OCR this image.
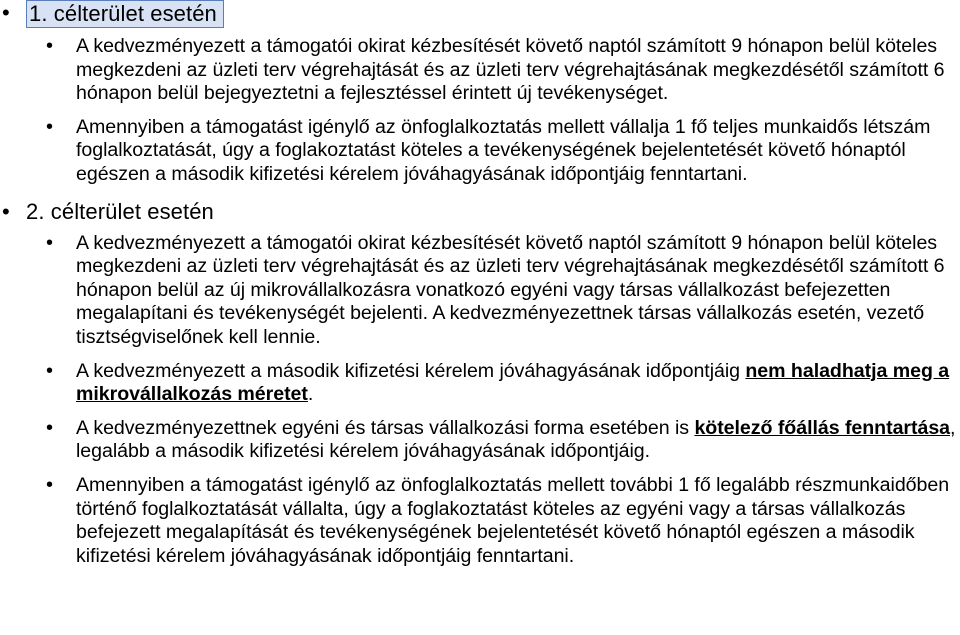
• 1. célterület esetén
• A kedvezményezett a támogatói okirat kézbesítését követő naptól számított 9 hónapon belül köteles megkezdeni az üzleti terv végrehajtását és az üzleti terv végrehajtásának megkezdésétől számított 6 hónapon belül bejegyeztetni a fejlesztéssel érintett új tevékenységet.
• Amennyiben a támogatást igénylő az önfoglalkoztatás mellett vállalja 1 fő teljes munkaidős létszám foglalkoztatását, úgy a foglakoztatást köteles a tevékenységének bejelentetését követő hónaptól egészen a második kifizetési kérelem jóváhagyásának időpontjáig fenntartani.
• 2. célterület esetén
• A kedvezményezett a támogatói okirat kézbesítését követő naptól számított 9 hónapon belül köteles megkezdeni az üzleti terv végrehajtását és az üzleti terv végrehajtásának megkezdésétől számított 6 hónapon belül az új mikrovállalkozásra vonatkozó egyéni vagy társas vállalkozást befejezetten megalapítani és tevékenységét bejelenti. A kedvezményezettnek társas vállalkozás esetén, vezető tisztségviselőnek kell lennie.
• A kedvezményezett a második kifizetési kérelem jóváhagyásának időpontjáig nem haladhatja meg a mikrovállalkozás méretet.
• A kedvezményezettnek egyéni és társas vállalkozási forma esetében is kötelező főállás fenntartása, legalább a második kifizetési kérelem jóváhagyásának időpontjáig.
• Amennyiben a támogatást igénylő az önfoglalkoztatás mellett további 1 fő legalább részmunkaidőben történő foglalkoztatását vállalta, úgy a foglakoztatást köteles az egyéni vagy a társas vállalkozás befejezett megalapítását és tevékenységének bejelentetését követő hónaptól egészen a második kifizetési kérelem jóváhagyásának időpontjáig fenntartani.
